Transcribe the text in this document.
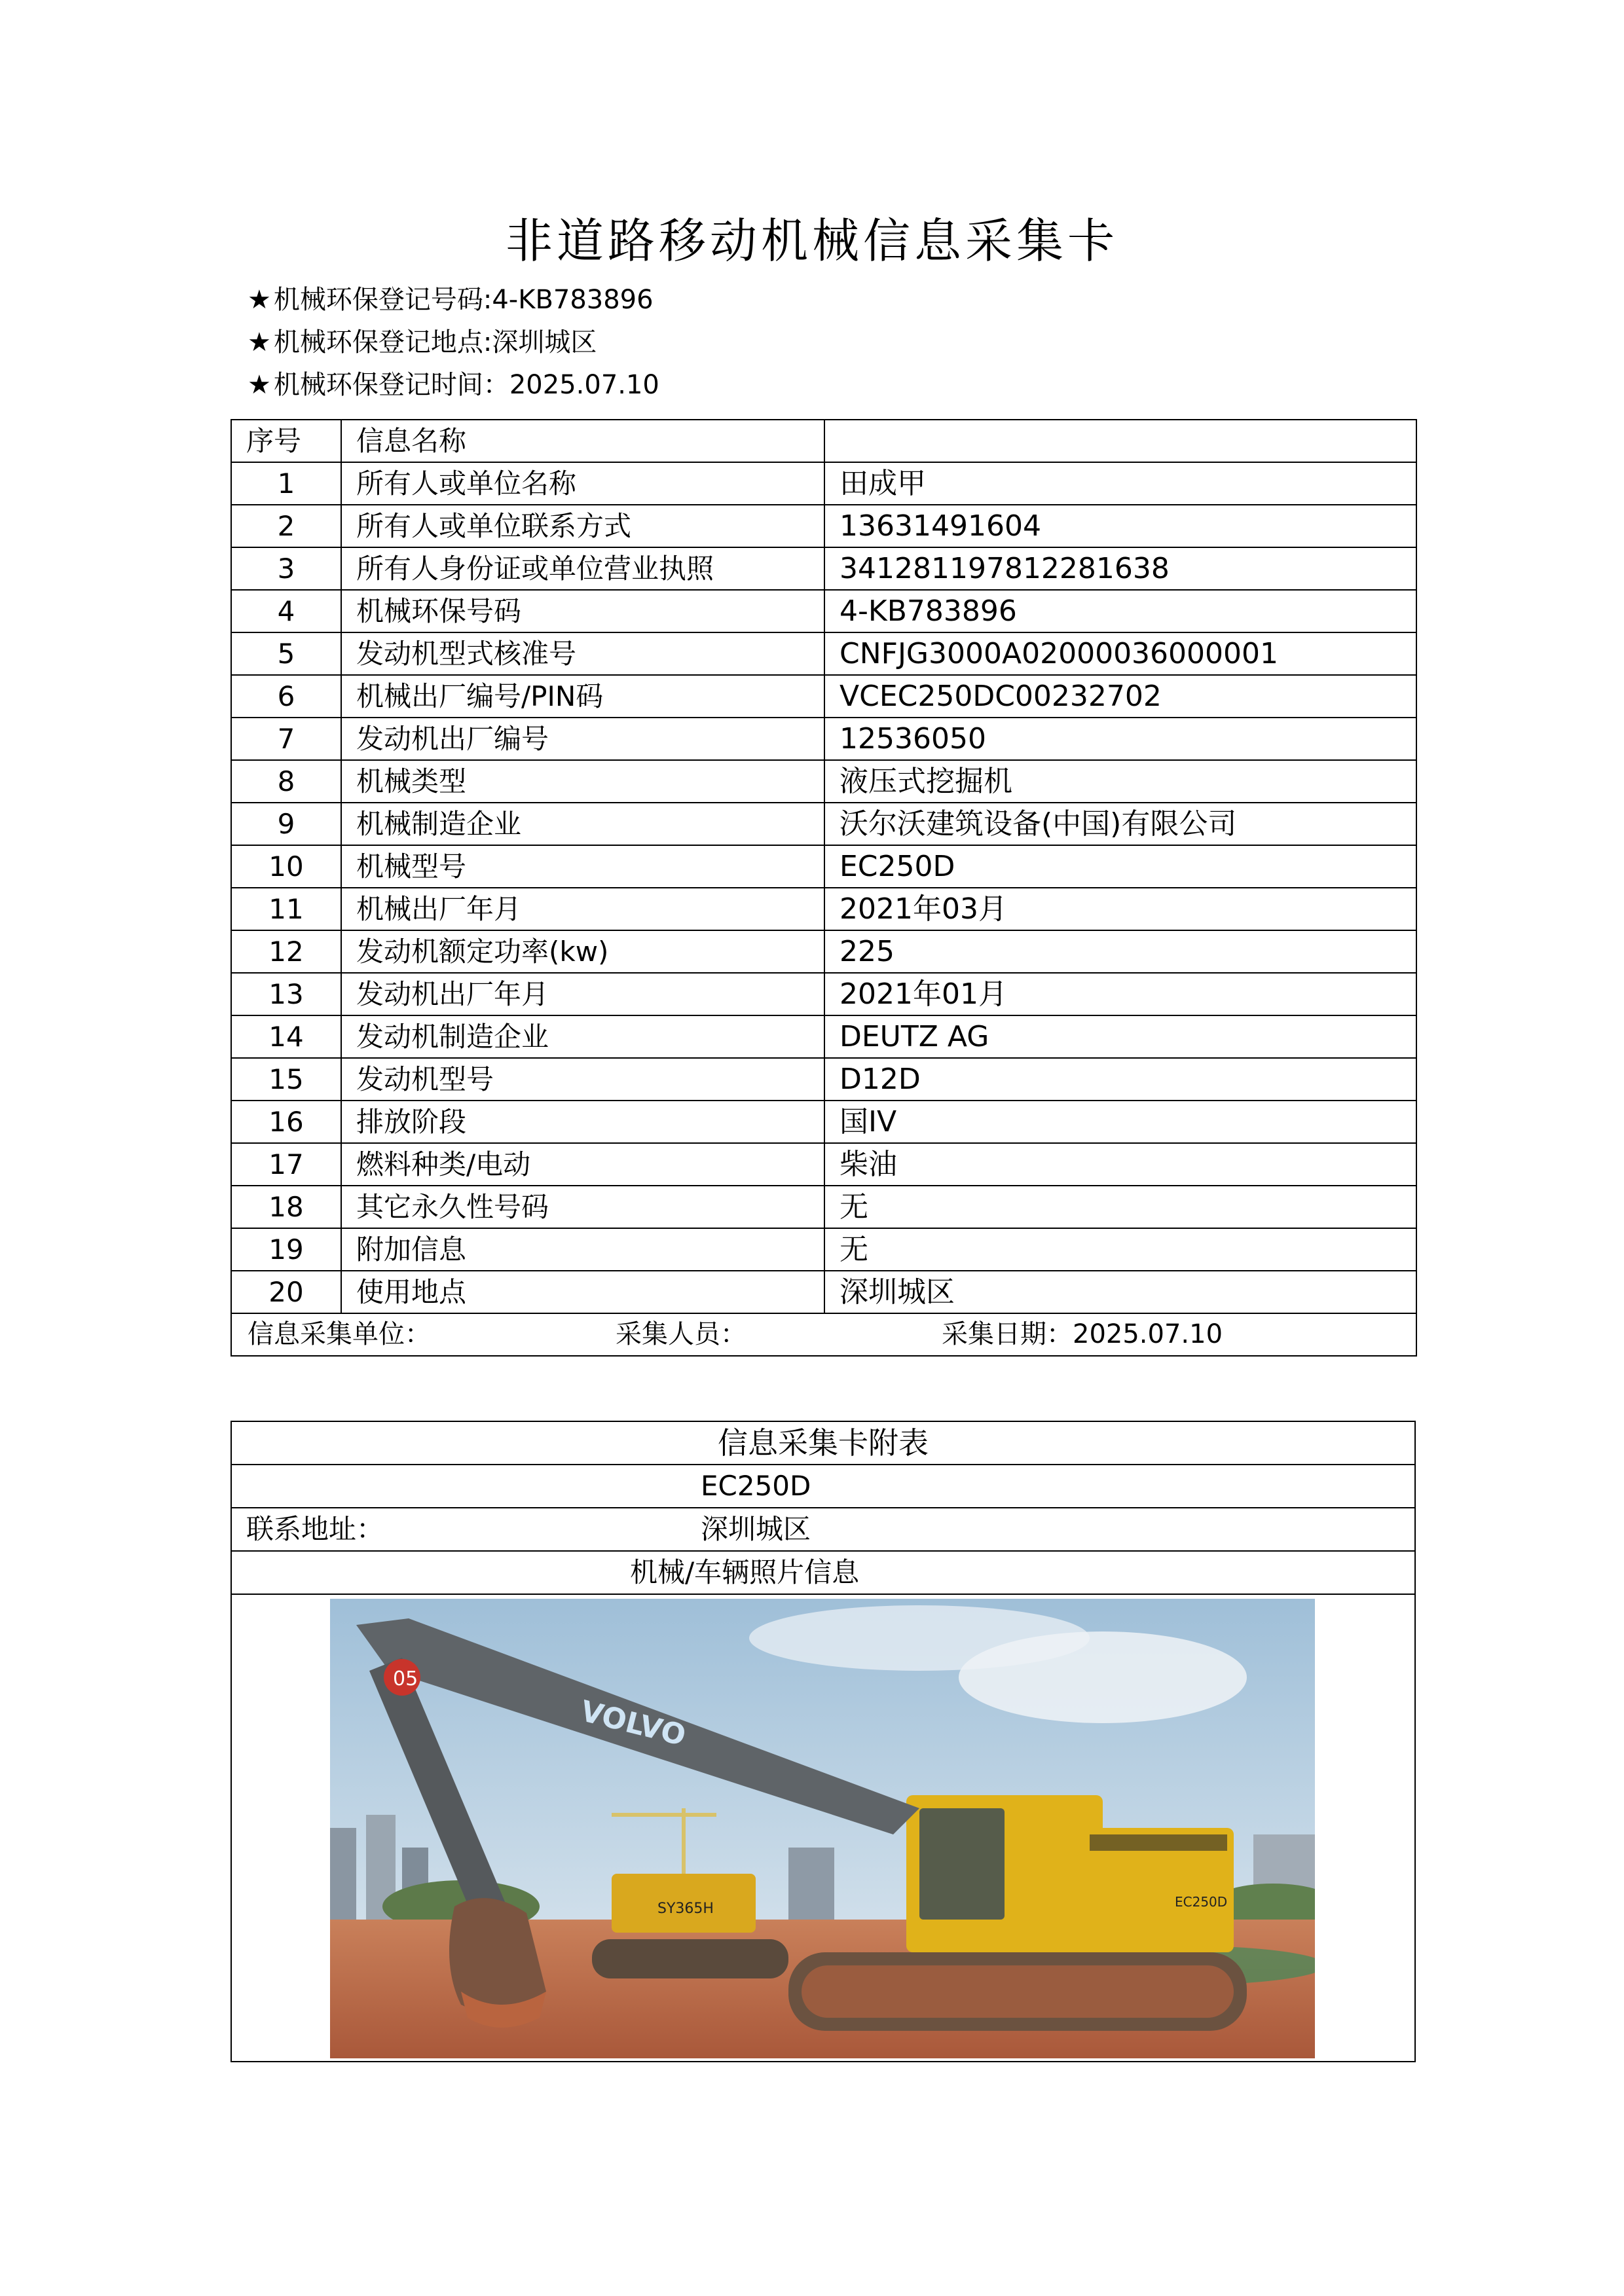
非道路移动机械信息采集卡
★ 机械环保登记号码:4-KB783896
★ 机械环保登记地点:深圳城区
★ 机械环保登记时间：2025.07.10
序号	信息名称	
1	所有人或单位名称	田成甲
2	所有人或单位联系方式	13631491604
3	所有人身份证或单位营业执照	341281197812281638
4	机械环保号码	4-KB783896
5	发动机型式核准号	CNFJG3000A02000036000001
6	机械出厂编号/PIN码	VCEC250DC00232702
7	发动机出厂编号	12536050
8	机械类型	液压式挖掘机
9	机械制造企业	沃尔沃建筑设备(中国)有限公司
10	机械型号	EC250D
11	机械出厂年月	2021年03月
12	发动机额定功率(kw)	225
13	发动机出厂年月	2021年01月
14	发动机制造企业	DEUTZ AG
15	发动机型号	D12D
16	排放阶段	国IV
17	燃料种类/电动	柴油
18	其它永久性号码	无
19	附加信息	无
20	使用地点	深圳城区

信息采集单位： 采集人员： 采集日期：2025.07.10		
信息采集卡附表
EC250D
联系地址：	深圳城区
机械/车辆照片信息
SY365H	EC250D
VOLVO
05
